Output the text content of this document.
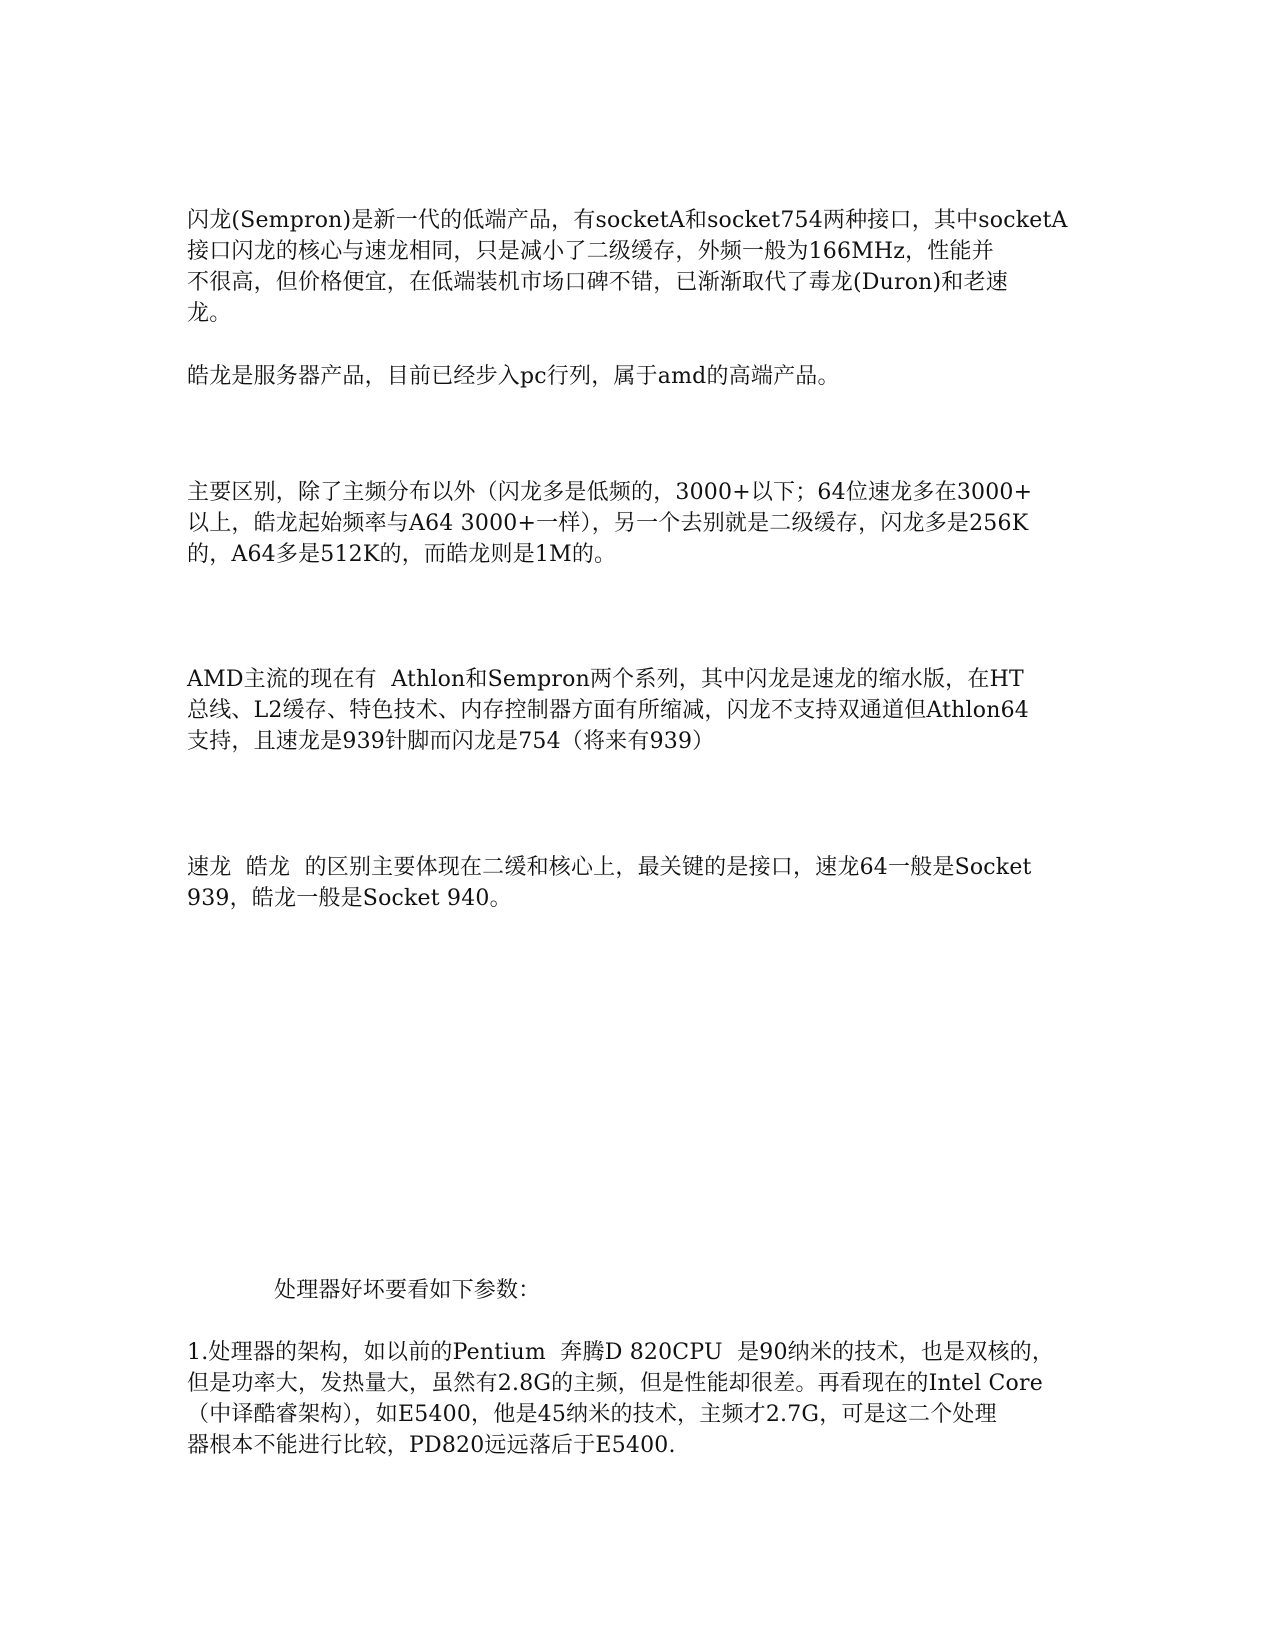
闪龙(Sempron)是新一代的低端产品，有socketA和socket754两种接口，其中socketA
接口闪龙的核心与速龙相同，只是减小了二级缓存，外频一般为166MHz，性能并
不很高，但价格便宜，在低端装机市场口碑不错，已渐渐取代了毒龙(Duron)和老速
龙。

皓龙是服务器产品，目前已经步入pc行列，属于amd的高端产品。

主要区别，除了主频分布以外（闪龙多是低频的，3000+以下；64位速龙多在3000+
以上，皓龙起始频率与A64 3000+一样），另一个去别就是二级缓存，闪龙多是256K
的，A64多是512K的，而皓龙则是1M的。

AMD主流的现在有  Athlon和Sempron两个系列，其中闪龙是速龙的缩水版，在HT
总线、L2缓存、特色技术、内存控制器方面有所缩减，闪龙不支持双通道但Athlon64
支持，且速龙是939针脚而闪龙是754（将来有939）

速龙  皓龙  的区别主要体现在二缓和核心上，最关键的是接口，速龙64一般是Socket
939，皓龙一般是Socket 940。

处理器好坏要看如下参数：

1.处理器的架构，如以前的Pentium  奔腾D 820CPU  是90纳米的技术，也是双核的，
但是功率大，发热量大，虽然有2.8G的主频，但是性能却很差。再看现在的Intel Core
（中译酷睿架构），如E5400，他是45纳米的技术，主频才2.7G，可是这二个处理
器根本不能进行比较，PD820远远落后于E5400.
